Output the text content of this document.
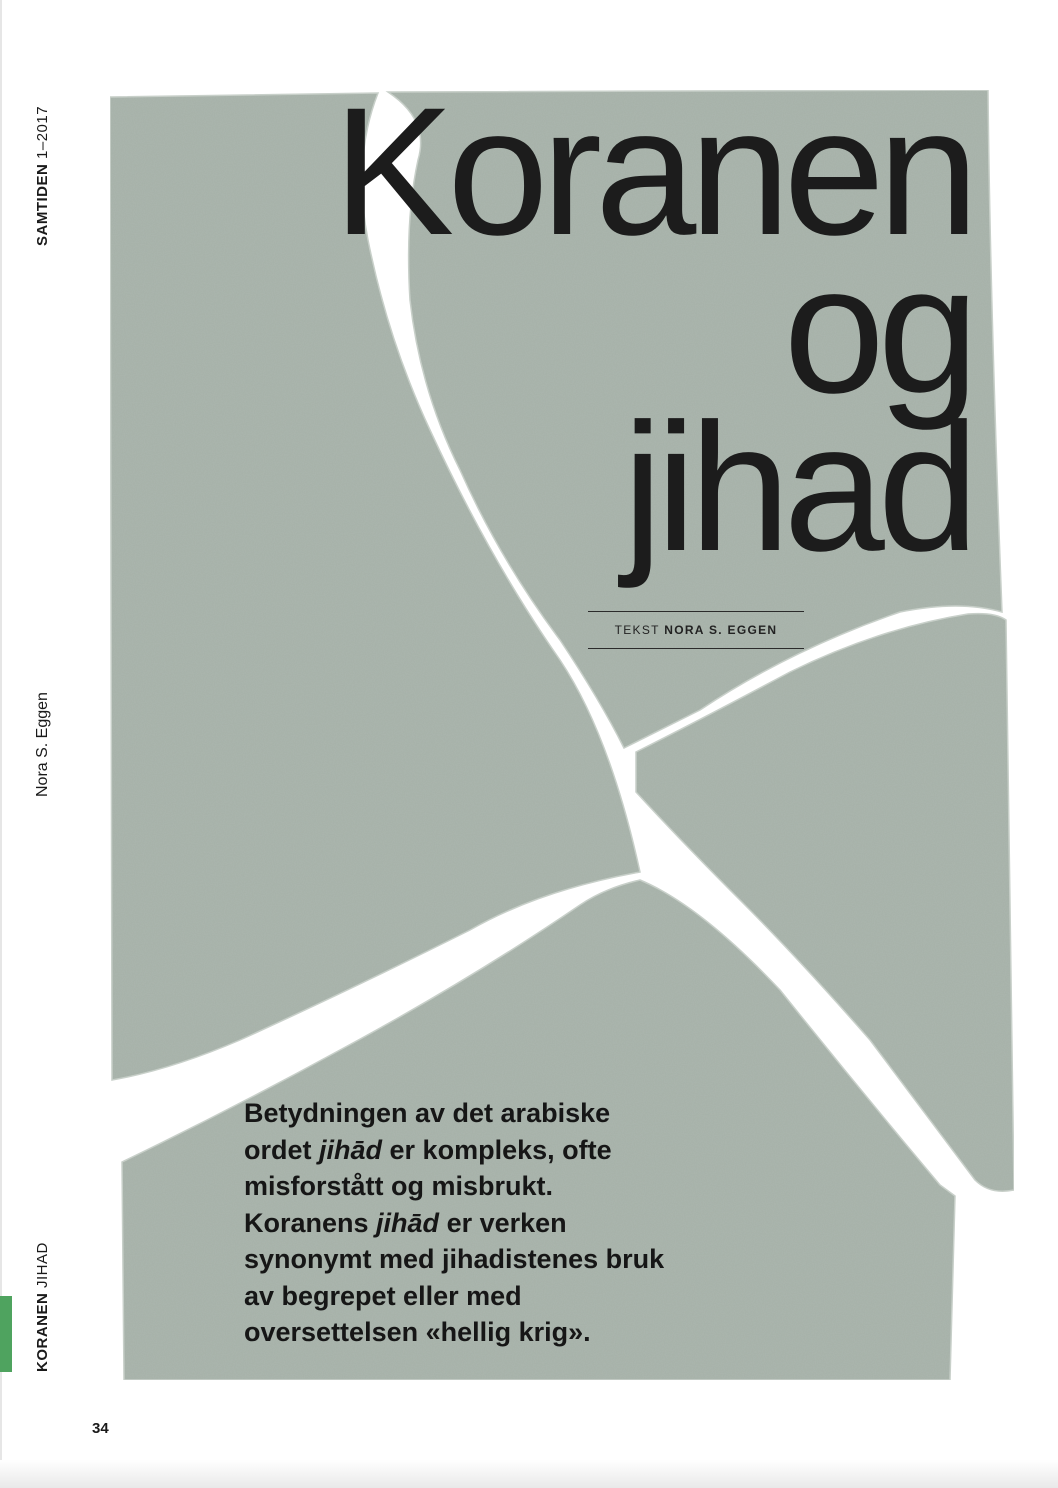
SAMTIDEN 1–2017
Nora S. Eggen
KORANEN JIHAD
Koranen
og
jihad
TEKST NORA S. EGGEN
Betydningen av det arabiske ordet jihād er kompleks, ofte misforstått og misbrukt. Koranens jihād er verken synonymt med jihadistenes bruk av begrepet eller med oversettelsen «hellig krig».
34
